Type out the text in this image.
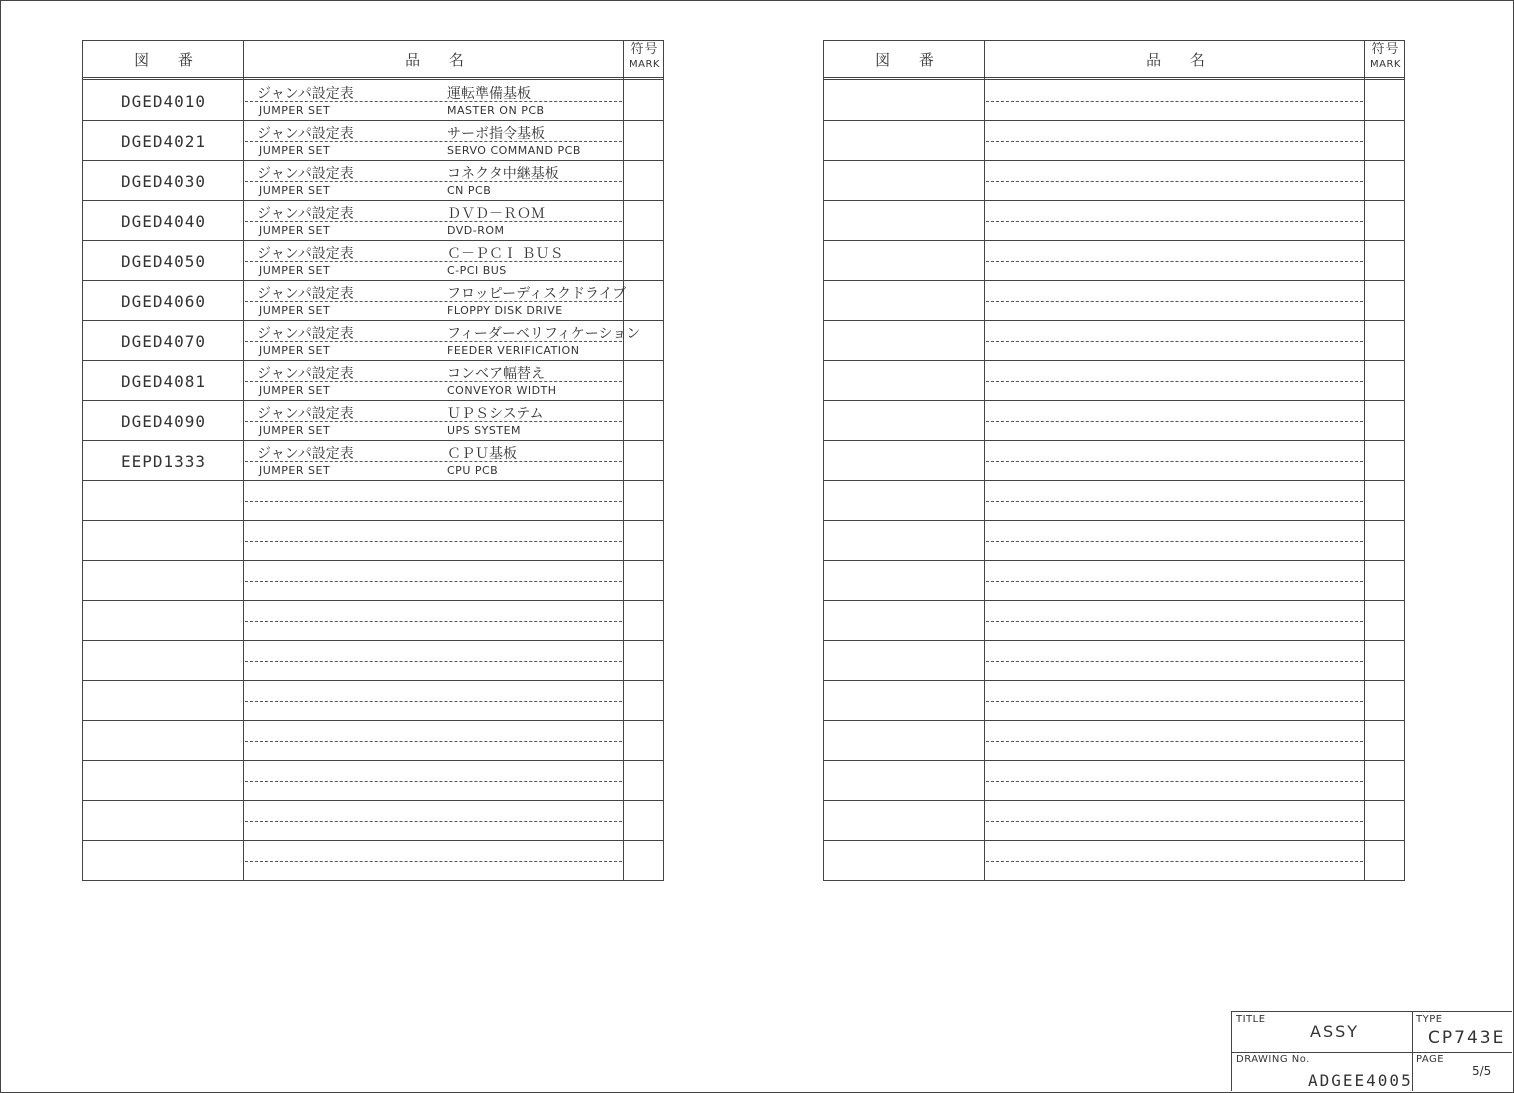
図 番	品 名
符号
MARK
DGED4010	ジャンパ設定表
JUMPER SET
運転準備基板
MASTER ON PCB
DGED4021	ジャンパ設定表
JUMPER SET
サーボ指令基板
SERVO COMMAND PCB
DGED4030	ジャンパ設定表
JUMPER SET
コネクタ中継基板
CN PCB
DGED4040	ジャンパ設定表
JUMPER SET
ＤＶＤ－ＲＯＭ
DVD-ROM
DGED4050	ジャンパ設定表
JUMPER SET
Ｃ－ＰＣＩ ＢＵＳ
C-PCI BUS
DGED4060	ジャンパ設定表
JUMPER SET
フロッピーディスクドライブ
FLOPPY DISK DRIVE
DGED4070	ジャンパ設定表
JUMPER SET
フィーダーベリフィケーション
FEEDER VERIFICATION
DGED4081	ジャンパ設定表
JUMPER SET
コンベア幅替え
CONVEYOR WIDTH
DGED4090	ジャンパ設定表
JUMPER SET
ＵＰＳシステム
UPS SYSTEM
EEPD1333	ジャンパ設定表
JUMPER SET
ＣＰＵ基板
CPU PCB
図 番	品 名
符号
MARK
TITLE
ASSY
TYPE
CP743E
DRAWING No.
ADGEE4005
PAGE
5/5
